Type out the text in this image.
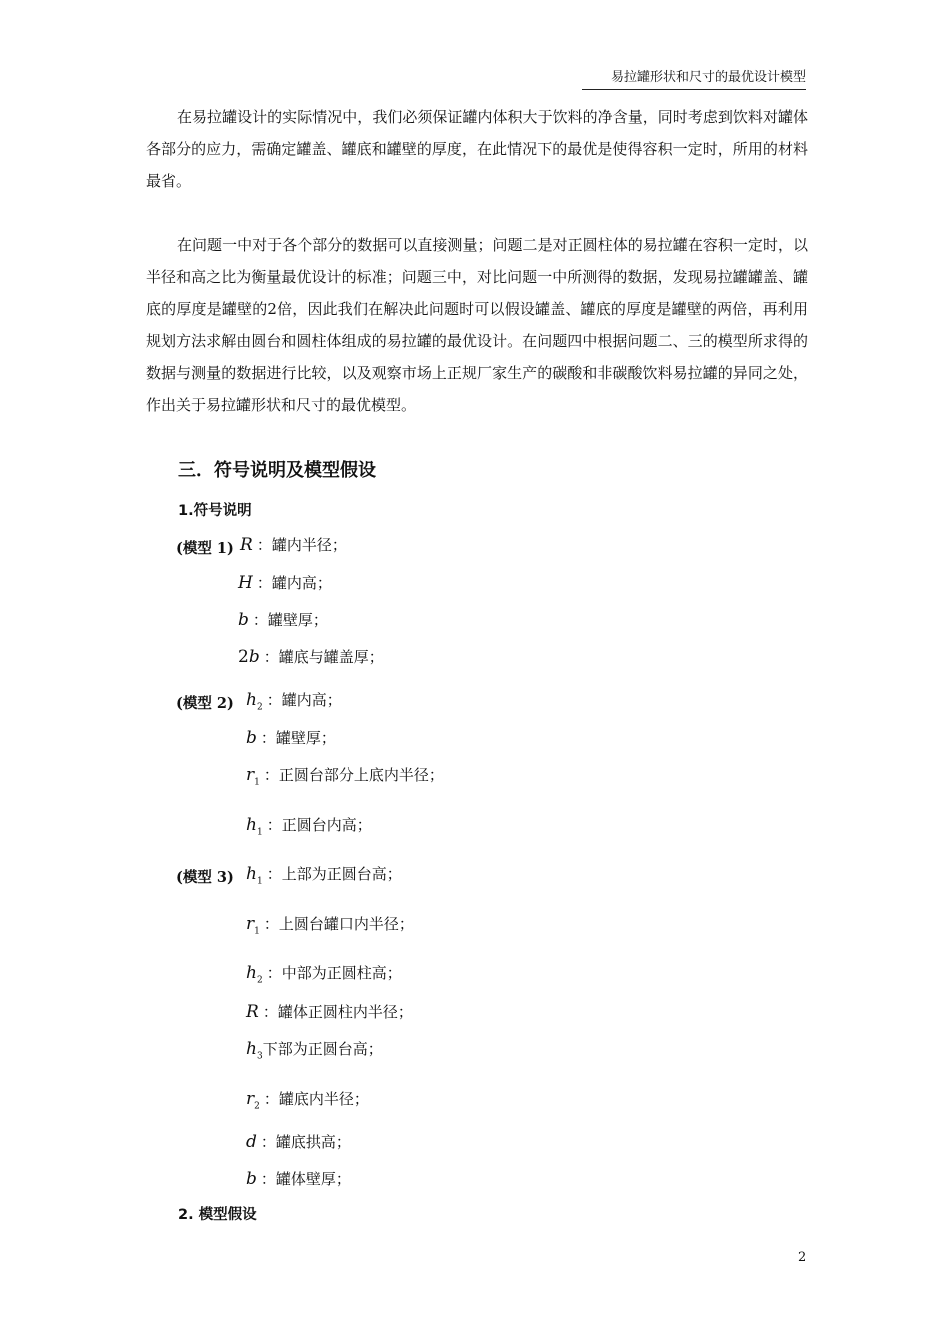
易拉罐形状和尺寸的最优设计模型

在易拉罐设计的实际情况中，我们必须保证罐内体积大于饮料的净含量，同时考虑到饮料对罐体各部分的应力，需确定罐盖、罐底和罐壁的厚度，在此情况下的最优是使得容积一定时，所用的材料最省。

在问题一中对于各个部分的数据可以直接测量；问题二是对正圆柱体的易拉罐在容积一定时，以半径和高之比为衡量最优设计的标准；问题三中，对比问题一中所测得的数据，发现易拉罐罐盖、罐底的厚度是罐壁的2倍，因此我们在解决此问题时可以假设罐盖、罐底的厚度是罐壁的两倍，再利用规划方法求解由圆台和圆柱体组成的易拉罐的最优设计。在问题四中根据问题二、三的模型所求得的数据与测量的数据进行比较，以及观察市场上正规厂家生产的碳酸和非碳酸饮料易拉罐的异同之处，作出关于易拉罐形状和尺寸的最优模型。

三．符号说明及模型假设
1.符号说明
(模型 1) R ：罐内半径；
H ：罐内高；
b ：罐壁厚；
2b ：罐底与罐盖厚；
(模型 2) $h_2$ ：罐内高；
b ：罐壁厚；
$r_1$ ：正圆台部分上底内半径；
$h_1$ ：正圆台内高；
(模型 3) $h_1$ ：上部为正圆台高；
$r_1$ ：上圆台罐口内半径；
$h_2$ ：中部为正圆柱高；
R ：罐体正圆柱内半径；
$h_3$下部为正圆台高；
$r_2$ ：罐底内半径；
d ：罐底拱高；
b ：罐体壁厚；
2. 模型假设
2
